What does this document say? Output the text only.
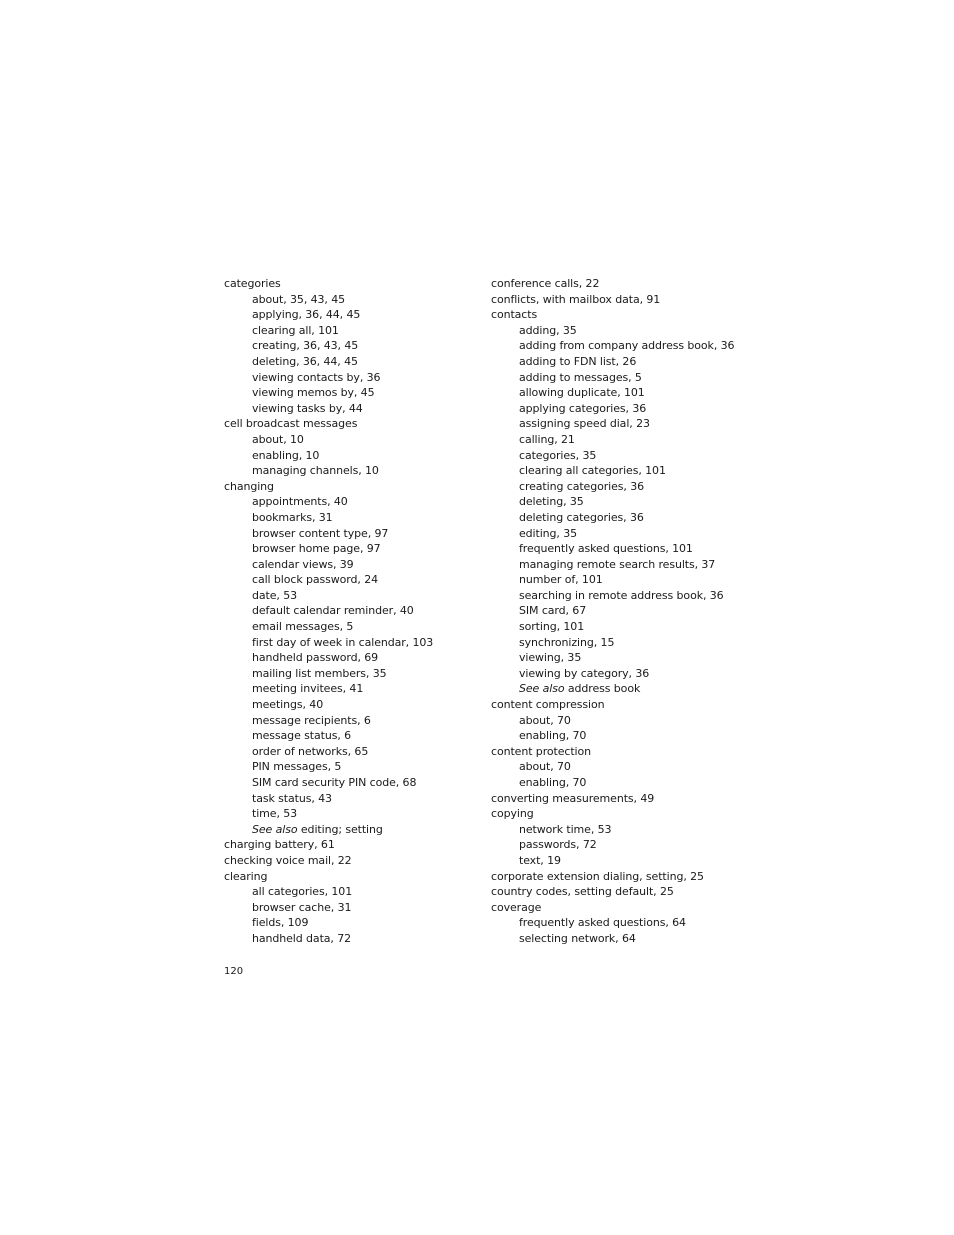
categories
about, 35, 43, 45
applying, 36, 44, 45
clearing all, 101
creating, 36, 43, 45
deleting, 36, 44, 45
viewing contacts by, 36
viewing memos by, 45
viewing tasks by, 44
cell broadcast messages
about, 10
enabling, 10
managing channels, 10
changing
appointments, 40
bookmarks, 31
browser content type, 97
browser home page, 97
calendar views, 39
call block password, 24
date, 53
default calendar reminder, 40
email messages, 5
first day of week in calendar, 103
handheld password, 69
mailing list members, 35
meeting invitees, 41
meetings, 40
message recipients, 6
message status, 6
order of networks, 65
PIN messages, 5
SIM card security PIN code, 68
task status, 43
time, 53
See also editing; setting
charging battery, 61
checking voice mail, 22
clearing
all categories, 101
browser cache, 31
fields, 109
handheld data, 72
conference calls, 22
conflicts, with mailbox data, 91
contacts
adding, 35
adding from company address book, 36
adding to FDN list, 26
adding to messages, 5
allowing duplicate, 101
applying categories, 36
assigning speed dial, 23
calling, 21
categories, 35
clearing all categories, 101
creating categories, 36
deleting, 35
deleting categories, 36
editing, 35
frequently asked questions, 101
managing remote search results, 37
number of, 101
searching in remote address book, 36
SIM card, 67
sorting, 101
synchronizing, 15
viewing, 35
viewing by category, 36
See also address book
content compression
about, 70
enabling, 70
content protection
about, 70
enabling, 70
converting measurements, 49
copying
network time, 53
passwords, 72
text, 19
corporate extension dialing, setting, 25
country codes, setting default, 25
coverage
frequently asked questions, 64
selecting network, 64
120
